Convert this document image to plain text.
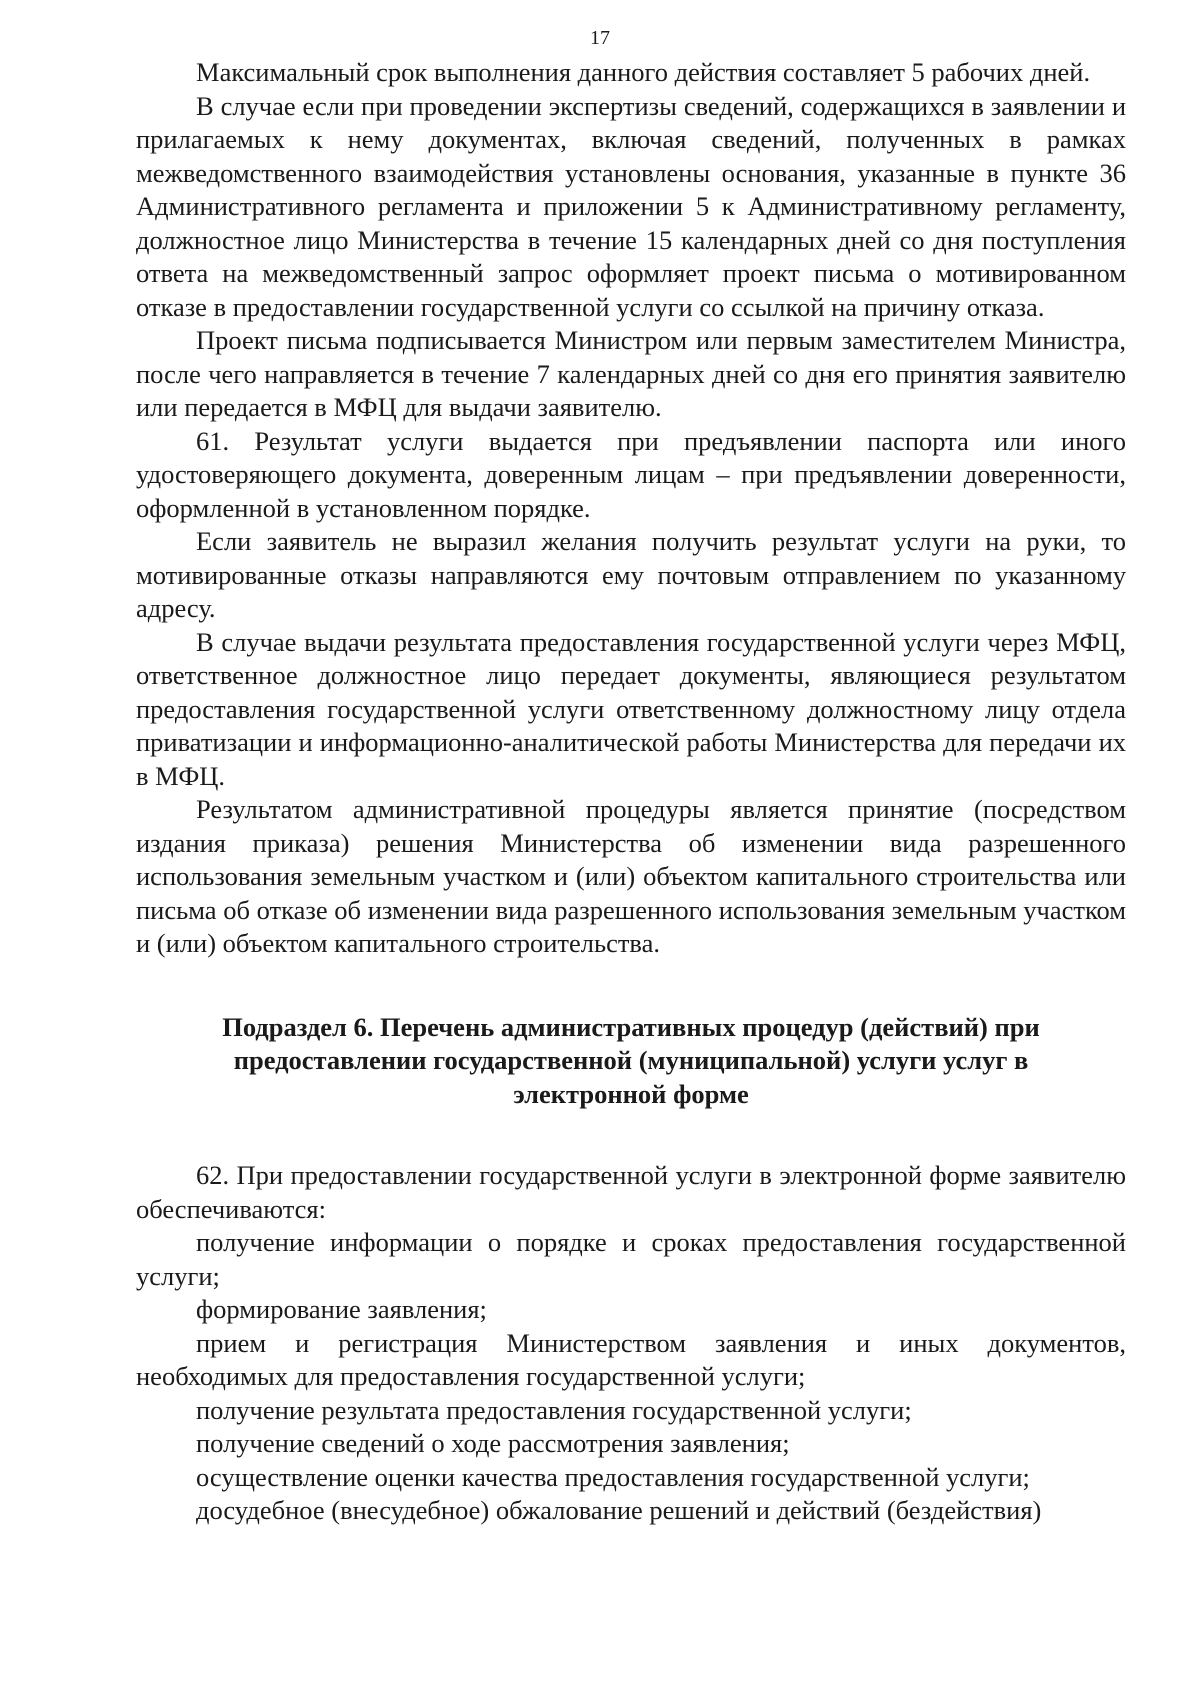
17

Максимальный срок выполнения данного действия составляет 5 рабочих дней.

В случае если при проведении экспертизы сведений, содержащихся в заявлении и прилагаемых к нему документах, включая сведений, полученных в рамках межведомственного взаимодействия установлены основания, указанные в пункте 36 Административного регламента и приложении 5 к Административному регламенту, должностное лицо Министерства в течение 15 календарных дней со дня поступления ответа на межведомственный запрос оформляет проект письма о мотивированном отказе в предоставлении государственной услуги со ссылкой на причину отказа.

Проект письма подписывается Министром или первым заместителем Министра, после чего направляется в течение 7 календарных дней со дня его принятия заявителю или передается в МФЦ для выдачи заявителю.

61. Результат услуги выдается при предъявлении паспорта или иного удостоверяющего документа, доверенным лицам – при предъявлении доверенности, оформленной в установленном порядке.

Если заявитель не выразил желания получить результат услуги на руки, то мотивированные отказы направляются ему почтовым отправлением по указанному адресу.

В случае выдачи результата предоставления государственной услуги через МФЦ, ответственное должностное лицо передает документы, являющиеся результатом предоставления государственной услуги ответственному должностному лицу отдела приватизации и информационно-аналитической работы Министерства для передачи их в МФЦ.

Результатом административной процедуры является принятие (посредством издания приказа) решения Министерства об изменении вида разрешенного использования земельным участком и (или) объектом капитального строительства или письма об отказе об изменении вида разрешенного использования земельным участком и (или) объектом капитального строительства.

Подраздел 6. Перечень административных процедур (действий) при
предоставлении государственной (муниципальной) услуги услуг в
электронной форме

62. При предоставлении государственной услуги в электронной форме заявителю обеспечиваются:

получение информации о порядке и сроках предоставления государственной услуги;

формирование заявления;

прием и регистрация Министерством заявления и иных документов, необходимых для предоставления государственной услуги;

получение результата предоставления государственной услуги;

получение сведений о ходе рассмотрения заявления;

осуществление оценки качества предоставления государственной услуги;

досудебное (внесудебное) обжалование решений и действий (бездействия)
